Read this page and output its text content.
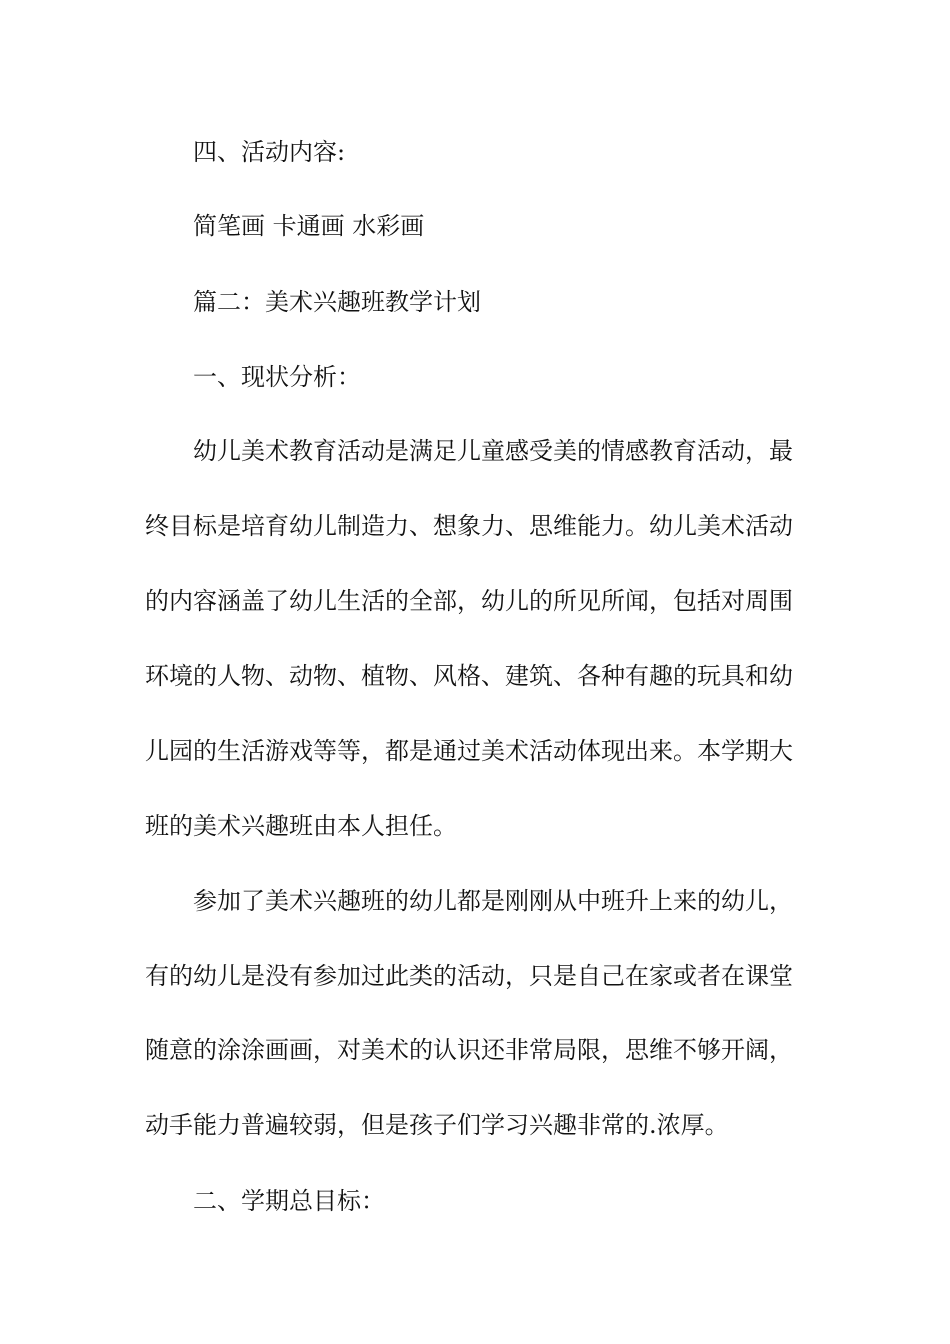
四、活动内容:
简笔画 卡通画 水彩画
篇二：美术兴趣班教学计划
一、现状分析：
幼儿美术教育活动是满足儿童感受美的情感教育活动，最
终目标是培育幼儿制造力、想象力、思维能力。幼儿美术活动
的内容涵盖了幼儿生活的全部，幼儿的所见所闻，包括对周围
环境的人物、动物、植物、风格、建筑、各种有趣的玩具和幼
儿园的生活游戏等等，都是通过美术活动体现出来。本学期大
班的美术兴趣班由本人担任。
参加了美术兴趣班的幼儿都是刚刚从中班升上来的幼儿，
有的幼儿是没有参加过此类的活动，只是自己在家或者在课堂
随意的涂涂画画，对美术的认识还非常局限，思维不够开阔，
动手能力普遍较弱，但是孩子们学习兴趣非常的.浓厚。
二、学期总目标：
